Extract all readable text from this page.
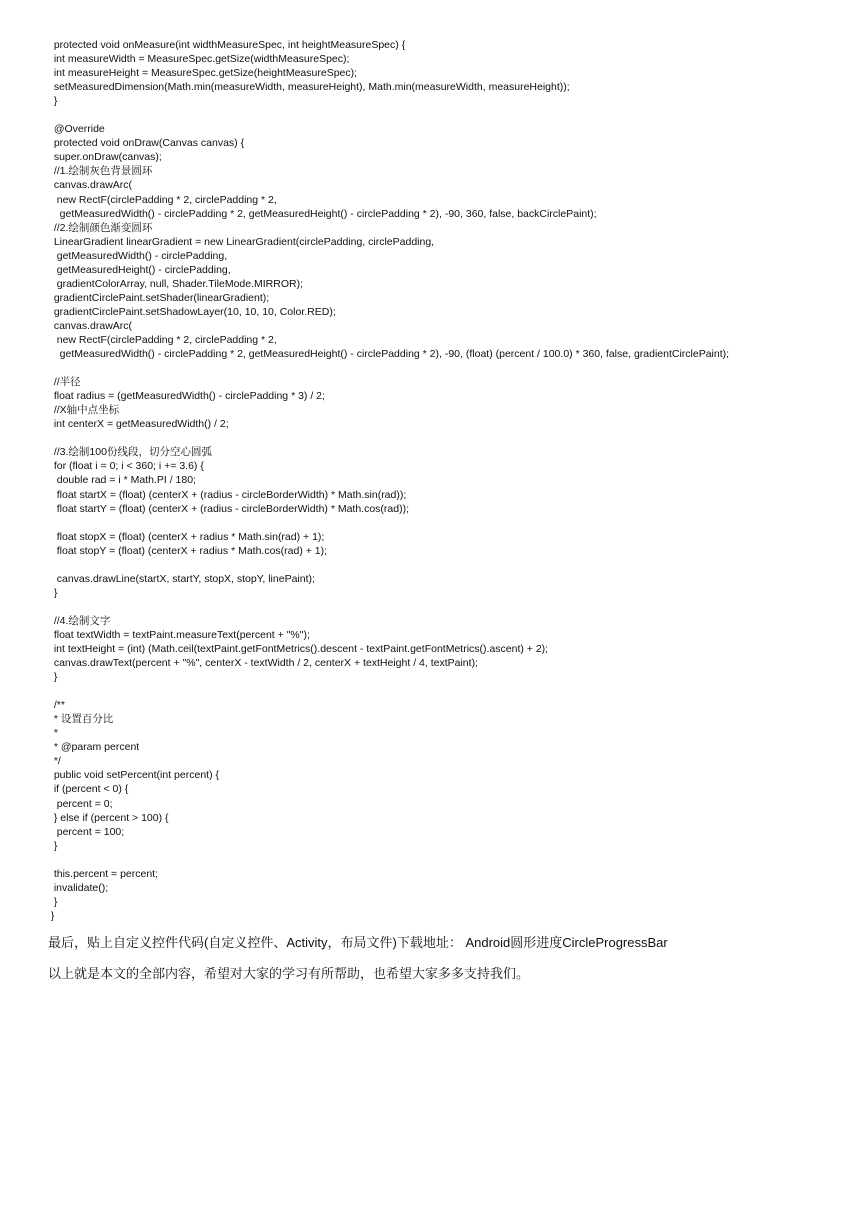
protected void onMeasure(int widthMeasureSpec, int heightMeasureSpec) {
int measureWidth = MeasureSpec.getSize(widthMeasureSpec);
int measureHeight = MeasureSpec.getSize(heightMeasureSpec);
setMeasuredDimension(Math.min(measureWidth, measureHeight), Math.min(measureWidth, measureHeight));
}
@Override
protected void onDraw(Canvas canvas) {
super.onDraw(canvas);
//1.绘制灰色背景圆环
canvas.drawArc(
new RectF(circlePadding * 2, circlePadding * 2,
getMeasuredWidth() - circlePadding * 2, getMeasuredHeight() - circlePadding * 2), -90, 360, false, backCirclePaint);
//2.绘制颜色渐变圆环
LinearGradient linearGradient = new LinearGradient(circlePadding, circlePadding,
getMeasuredWidth() - circlePadding,
getMeasuredHeight() - circlePadding,
gradientColorArray, null, Shader.TileMode.MIRROR);
gradientCirclePaint.setShader(linearGradient);
gradientCirclePaint.setShadowLayer(10, 10, 10, Color.RED);
canvas.drawArc(
new RectF(circlePadding * 2, circlePadding * 2,
getMeasuredWidth() - circlePadding * 2, getMeasuredHeight() - circlePadding * 2), -90, (float) (percent / 100.0) * 360, false, gradientCirclePaint);
//半径
float radius = (getMeasuredWidth() - circlePadding * 3) / 2;
//X轴中点坐标
int centerX = getMeasuredWidth() / 2;
//3.绘制100份线段，切分空心圆弧
for (float i = 0; i < 360; i += 3.6) {
double rad = i * Math.PI / 180;
float startX = (float) (centerX + (radius - circleBorderWidth) * Math.sin(rad));
float startY = (float) (centerX + (radius - circleBorderWidth) * Math.cos(rad));
float stopX = (float) (centerX + radius * Math.sin(rad) + 1);
float stopY = (float) (centerX + radius * Math.cos(rad) + 1);
canvas.drawLine(startX, startY, stopX, stopY, linePaint);
}
//4.绘制文字
float textWidth = textPaint.measureText(percent + "%");
int textHeight = (int) (Math.ceil(textPaint.getFontMetrics().descent - textPaint.getFontMetrics().ascent) + 2);
canvas.drawText(percent + "%", centerX - textWidth / 2, centerX + textHeight / 4, textPaint);
}
/**
* 设置百分比
*
* @param percent
*/
public void setPercent(int percent) {
if (percent < 0) {
percent = 0;
} else if (percent > 100) {
percent = 100;
}
this.percent = percent;
invalidate();
}
}

最后，贴上自定义控件代码(自定义控件、Activity，布局文件)下载地址： Android圆形进度CircleProgressBar

以上就是本文的全部内容，希望对大家的学习有所帮助，也希望大家多多支持我们。
